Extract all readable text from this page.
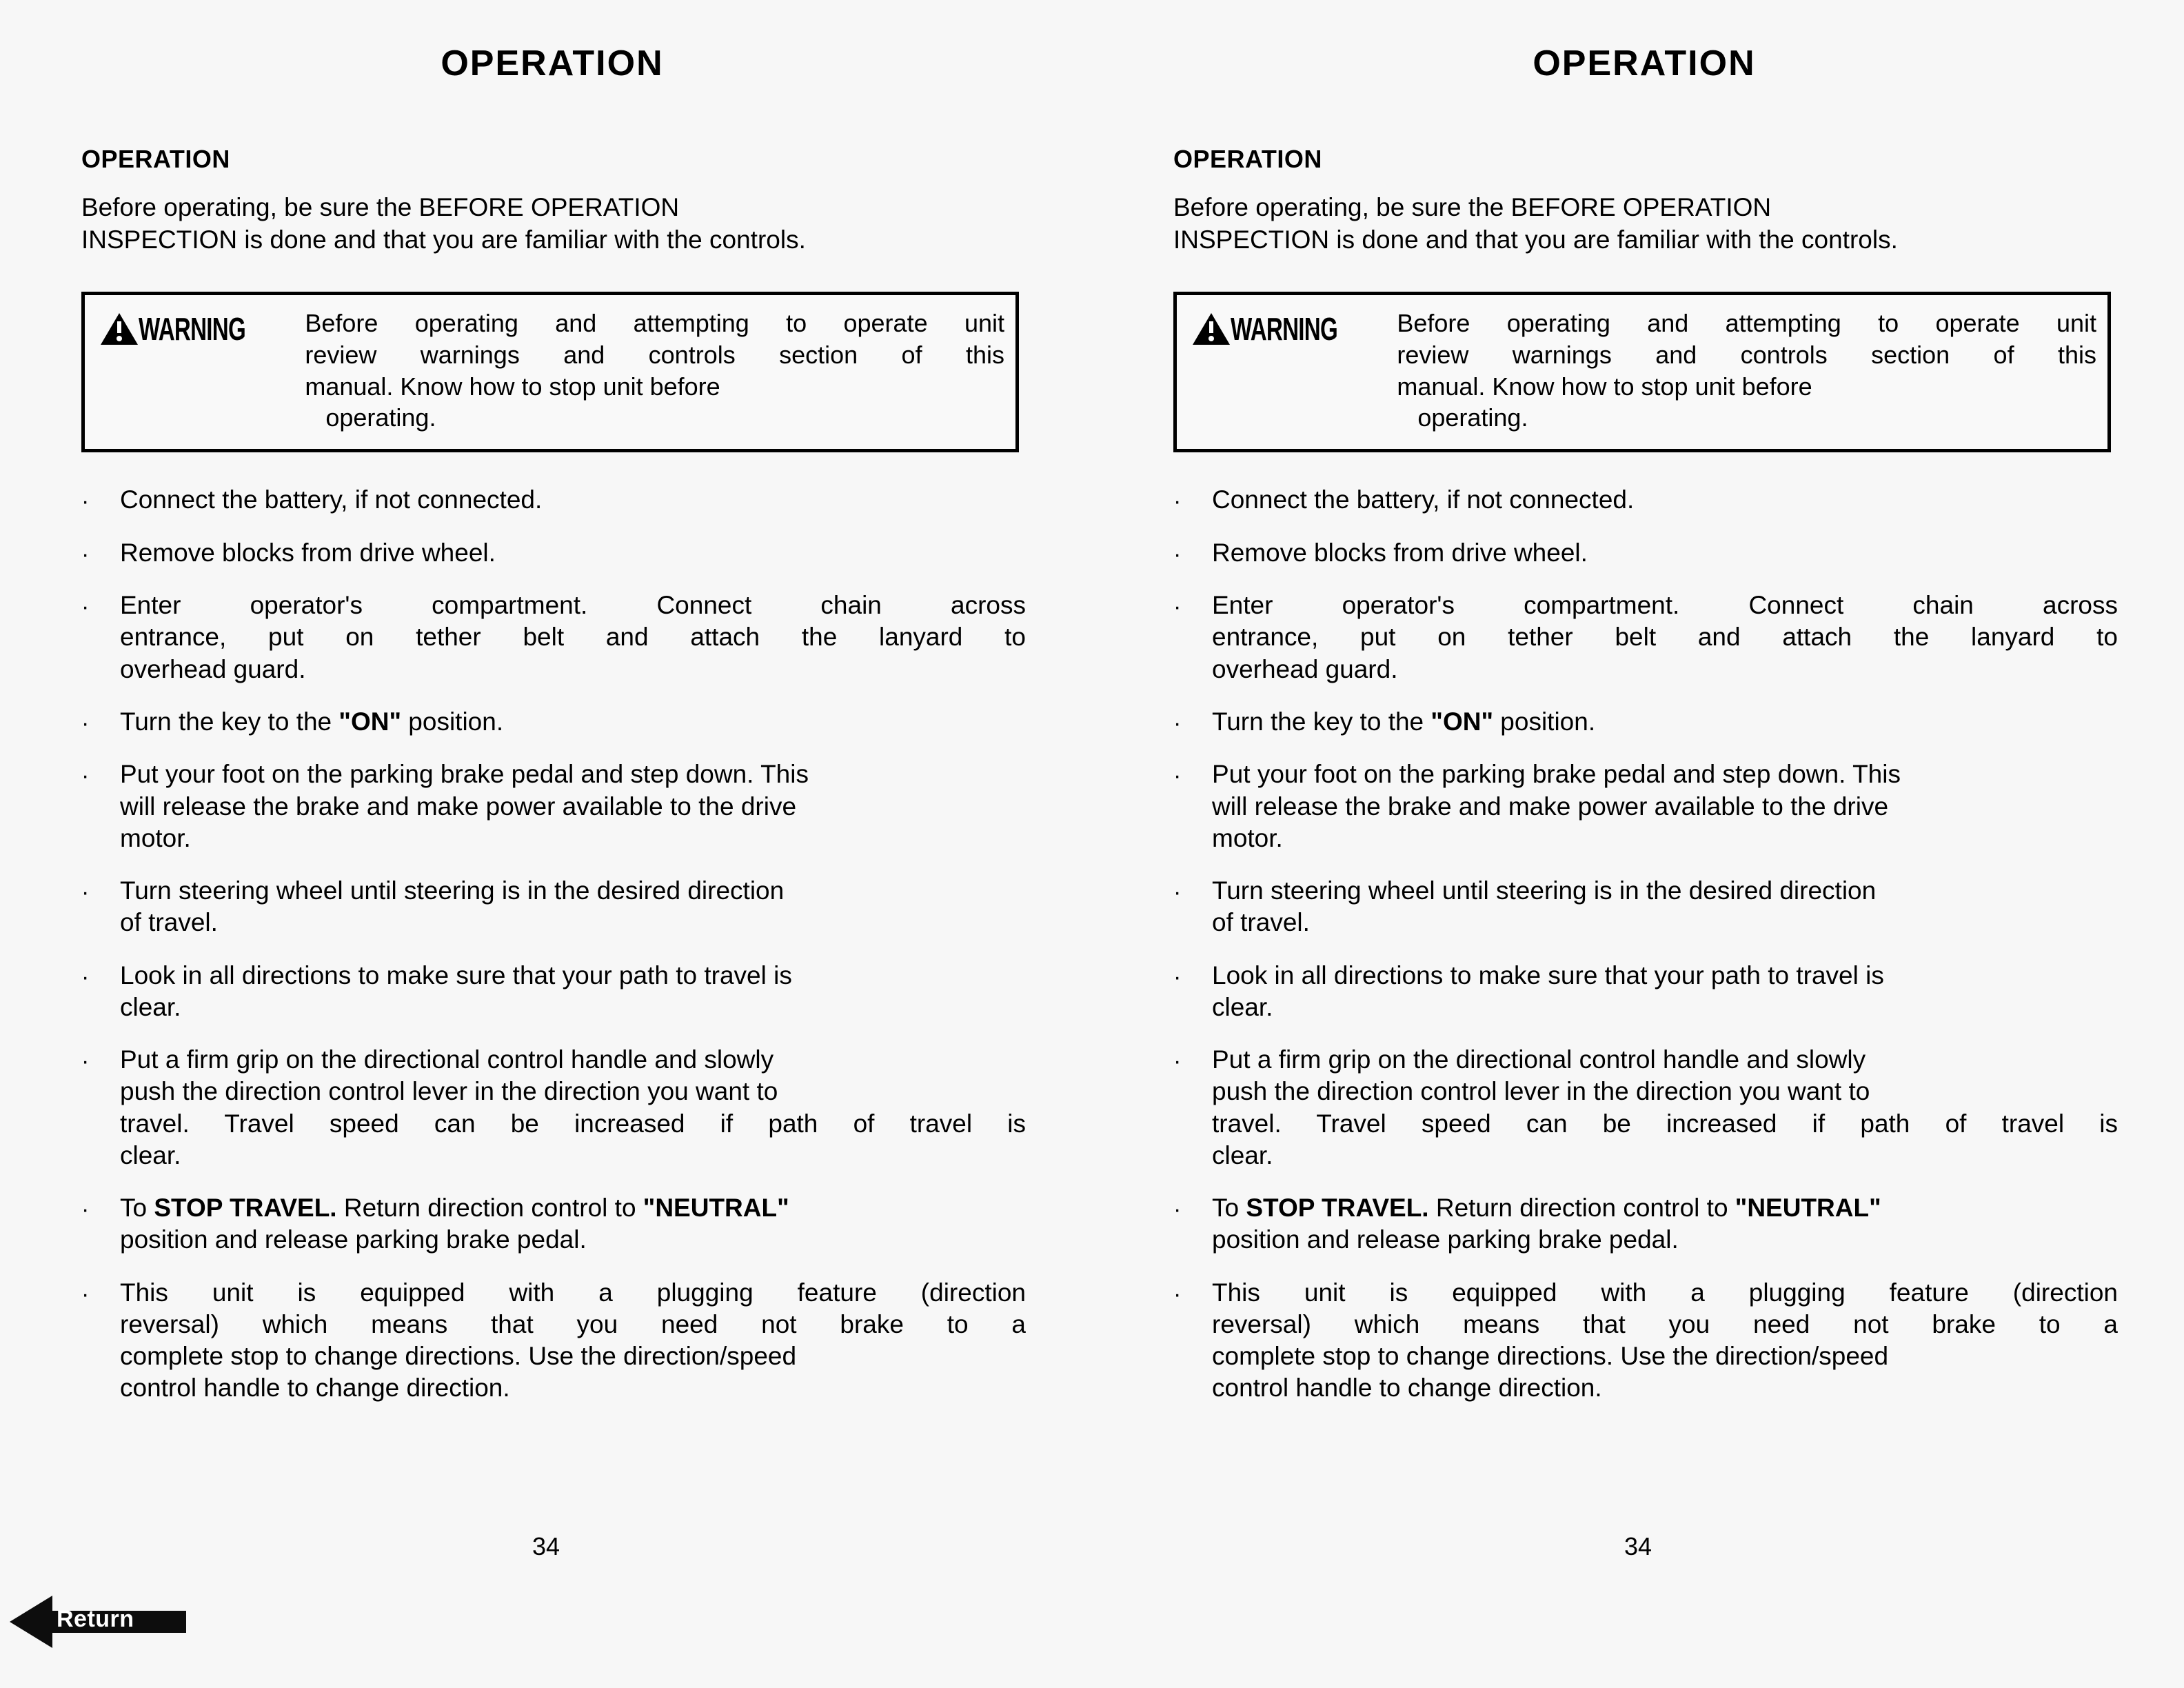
OPERATION
OPERATION
Before operating, be sure the BEFORE OPERATION
INSPECTION is done and that you are familiar with the controls.
WARNING Before operating and attempting to operate unit
review warnings and controls section of this
manual. Know how to stop unit before
operating.
·	Connect the battery, if not connected.
·	Remove blocks from drive wheel.
·	Enter operator's compartment. Connect chain across
entrance, put on tether belt and attach the lanyard to
overhead guard.
·	Turn the key to the "ON" position.
·	Put your foot on the parking brake pedal and step down. This
will release the brake and make power available to the drive
motor.
·	Turn steering wheel until steering is in the desired direction
of travel.
·	Look in all directions to make sure that your path to travel is
clear.
·	Put a firm grip on the directional control handle and slowly
push the direction control lever in the direction you want to
travel. Travel speed can be increased if path of travel is
clear.
·	To STOP TRAVEL. Return direction control to "NEUTRAL"
position and release parking brake pedal.
·	This unit is equipped with a plugging feature (direction
reversal) which means that you need not brake to a
complete stop to change directions. Use the direction/speed
control handle to change direction.
34
Return
OPERATION
OPERATION
Before operating, be sure the BEFORE OPERATION
INSPECTION is done and that you are familiar with the controls.
WARNING Before operating and attempting to operate unit
review warnings and controls section of this
manual. Know how to stop unit before
operating.
·	Connect the battery, if not connected.
·	Remove blocks from drive wheel.
·	Enter operator's compartment. Connect chain across
entrance, put on tether belt and attach the lanyard to
overhead guard.
·	Turn the key to the "ON" position.
·	Put your foot on the parking brake pedal and step down. This
will release the brake and make power available to the drive
motor.
·	Turn steering wheel until steering is in the desired direction
of travel.
·	Look in all directions to make sure that your path to travel is
clear.
·	Put a firm grip on the directional control handle and slowly
push the direction control lever in the direction you want to
travel. Travel speed can be increased if path of travel is
clear.
·	To STOP TRAVEL. Return direction control to "NEUTRAL"
position and release parking brake pedal.
·	This unit is equipped with a plugging feature (direction
reversal) which means that you need not brake to a
complete stop to change directions. Use the direction/speed
control handle to change direction.
34
